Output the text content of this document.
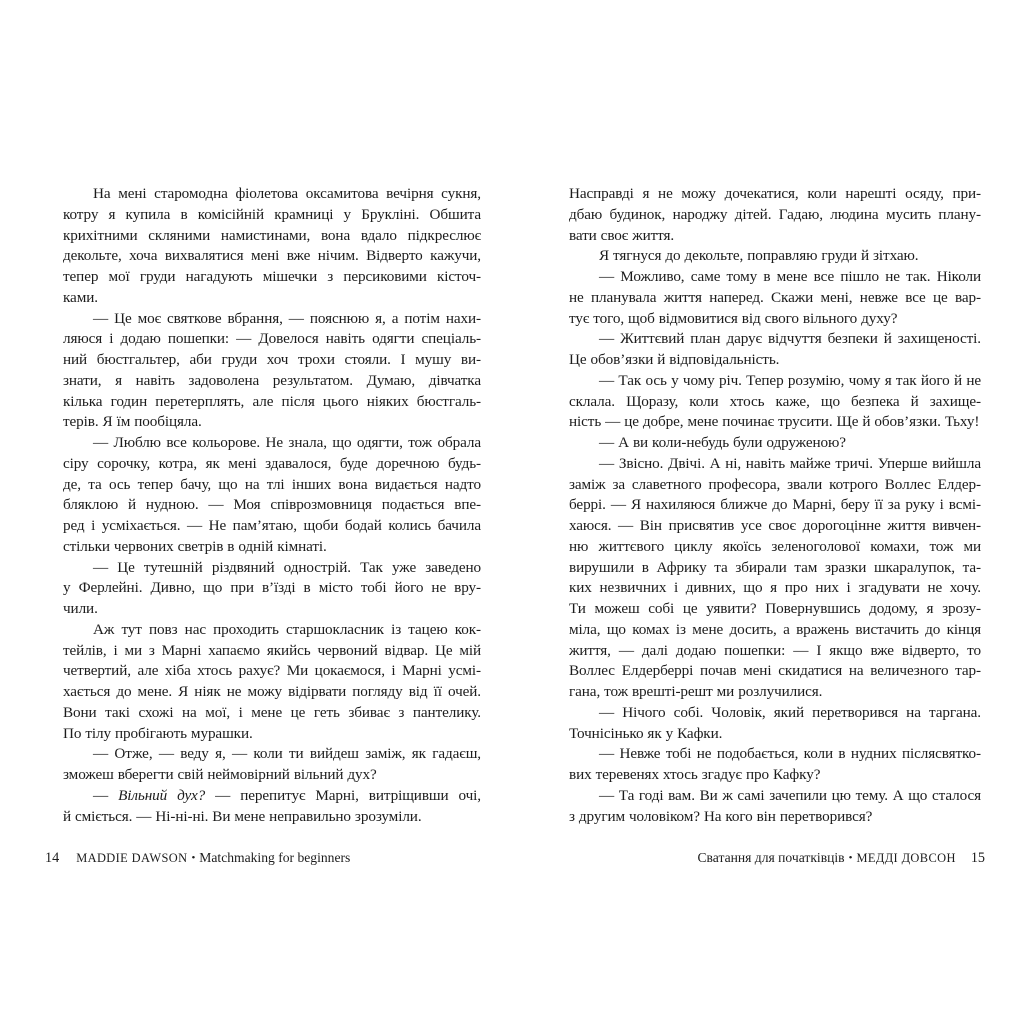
На мені старомодна фіолетова оксамитова вечірня сукня,
котру я купила в комісійній крамниці у Брукліні. Обшита
крихітними скляними намистинами, вона вдало підкреслює
декольте, хоча вихвалятися мені вже нічим. Відверто кажучи,
тепер мої груди нагадують мішечки з персиковими кісточ-
ками.
— Це моє святкове вбрання, — пояснюю я, а потім нахи-
ляюся і додаю пошепки: — Довелося навіть одягти спеціаль-
ний бюстгальтер, аби груди хоч трохи стояли. І мушу ви-
знати, я навіть задоволена результатом. Думаю, дівчатка
кілька годин перетерплять, але після цього ніяких бюстгаль-
терів. Я їм пообіцяла.
— Люблю все кольорове. Не знала, що одягти, тож обрала
сіру сорочку, котра, як мені здавалося, буде доречною будь-
де, та ось тепер бачу, що на тлі інших вона видається надто
бляклою й нудною. — Моя співрозмовниця подається впе-
ред і усміхається. — Не пам’ятаю, щоби бодай колись бачила
стільки червоних светрів в одній кімнаті.
— Це тутешній різдвяний однострій. Так уже заведено
у Ферлейні. Дивно, що при в’їзді в місто тобі його не вру-
чили.
Аж тут повз нас проходить старшокласник із тацею кок-
тейлів, і ми з Марні хапаємо якийсь червоний відвар. Це мій
четвертий, але хіба хтось рахує? Ми цокаємося, і Марні усмі-
хається до мене. Я ніяк не можу відірвати погляду від її очей.
Вони такі схожі на мої, і мене це геть збиває з пантелику.
По тілу пробігають мурашки.
— Отже, — веду я, — коли ти вийдеш заміж, як гадаєш,
зможеш вберегти свій неймовірний вільний дух?
— Вільний дух? — перепитує Марні, витріщивши очі,
й сміється. — Ні-ні-ні. Ви мене неправильно зрозуміли.
Насправді я не можу дочекатися, коли нарешті осяду, при-
дбаю будинок, народжу дітей. Гадаю, людина мусить плану-
вати своє життя.
Я тягнуся до декольте, поправляю груди й зітхаю.
— Можливо, саме тому в мене все пішло не так. Ніколи
не планувала життя наперед. Скажи мені, невже все це вар-
тує того, щоб відмовитися від свого вільного духу?
— Життєвий план дарує відчуття безпеки й захищеності.
Це обов’язки й відповідальність.
— Так ось у чому річ. Тепер розумію, чому я так його й не
склала. Щоразу, коли хтось каже, що безпека й захище-
ність — це добре, мене починає трусити. Ще й обов’язки. Тьху!
— А ви коли-небудь були одруженою?
— Звісно. Двічі. А ні, навіть майже тричі. Уперше вийшла
заміж за славетного професора, звали котрого Воллес Елдер-
беррі. — Я нахиляюся ближче до Марні, беру її за руку і всмі-
хаюся. — Він присвятив усе своє дорогоцінне життя вивчен-
ню життєвого циклу якоїсь зеленоголової комахи, тож ми
вирушили в Африку та збирали там зразки шкаралупок, та-
ких незвичних і дивних, що я про них і згадувати не хочу.
Ти можеш собі це уявити? Повернувшись додому, я зрозу-
міла, що комах із мене досить, а вражень вистачить до кінця
життя, — далі додаю пошепки: — І якщо вже відверто, то
Воллес Елдерберрі почав мені скидатися на величезного тар-
гана, тож врешті-решт ми розлучилися.
— Нічого собі. Чоловік, який перетворився на таргана.
Точнісінько як у Кафки.
— Невже тобі не подобається, коли в нудних післясвятко-
вих теревенях хтось згадує про Кафку?
— Та годі вам. Ви ж самі зачепили цю тему. А що сталося
з другим чоловіком? На кого він перетворився?
14 MADDIE DAWSON • Matchmaking for beginners	Сватання для початківців • МЕДДІ ДОВСОН 15
